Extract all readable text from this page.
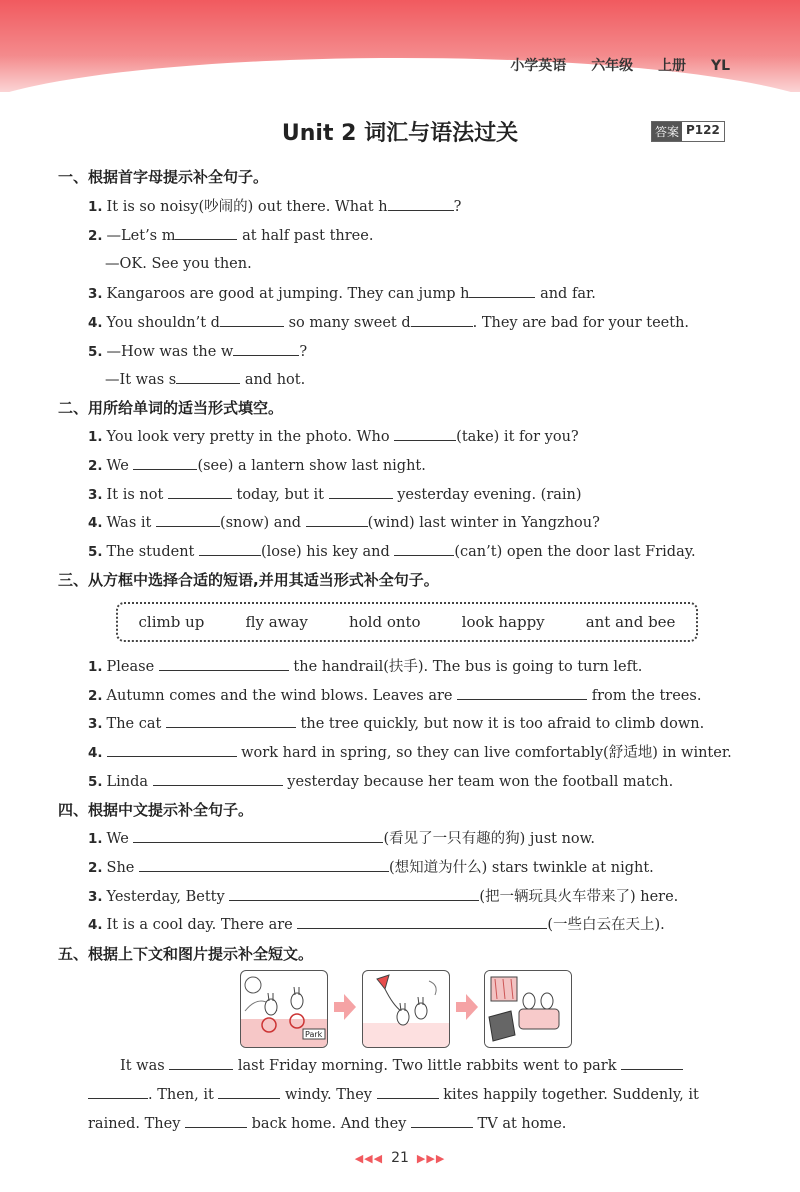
小学英语 六年级 上册 YL
Unit 2 词汇与语法过关	答案 P122
一、根据首字母提示补全句子。
1. It is so noisy(吵闹的) out there. What h	?
2. —Let’s m	at half past three.
—OK. See you then.
3. Kangaroos are good at jumping. They can jump h	and far.
4. You shouldn’t d	so many sweet d	. They are bad for your teeth.
5. —How was the w	?
—It was s	and hot.
二、用所给单词的适当形式填空。
1. You look very pretty in the photo. Who	(take) it for you?
2. We	(see) a lantern show last night.
3. It is not	today, but it	yesterday evening. (rain)
4. Was it	(snow) and	(wind) last winter in Yangzhou?
5. The student	(lose) his key and	(can’t) open the door last Friday.
三、从方框中选择合适的短语,并用其适当形式补全句子。
climb up	fly away	hold onto	look happy	ant and bee
1. Please	the handrail(扶手). The bus is going to turn left.
2. Autumn comes and the wind blows. Leaves are	from the trees.
3. The cat	the tree quickly, but now it is too afraid to climb down.
4.	work hard in spring, so they can live comfortably(舒适地) in winter.
5. Linda	yesterday because her team won the football match.
四、根据中文提示补全句子。
1. We	(看见了一只有趣的狗) just now.
2. She	(想知道为什么) stars twinkle at night.
3. Yesterday, Betty	(把一辆玩具火车带来了) here.
4. It is a cool day. There are	(一些白云在天上).
五、根据上下文和图片提示补全短文。
Park
It was	last Friday morning. Two little rabbits went to park
. Then, it	windy. They	kites happily together. Suddenly, it
rained. They	back home. And they	TV at home.
◀◀◀ 21 ▶▶▶
